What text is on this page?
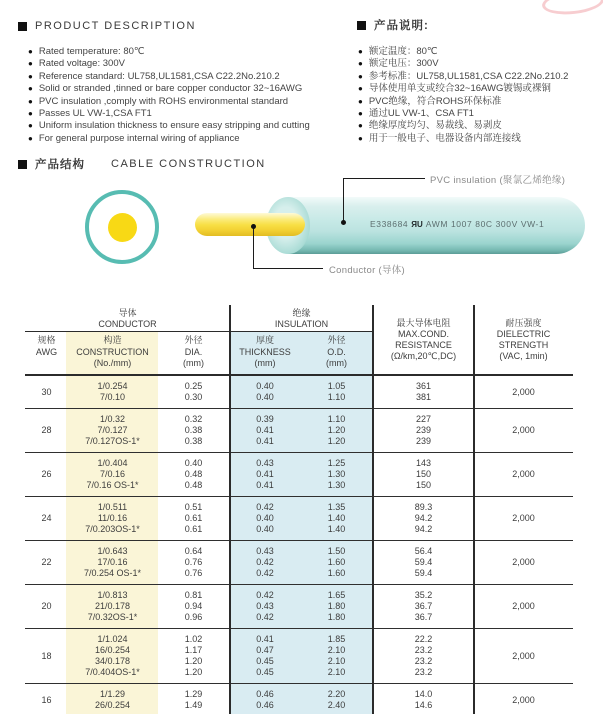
PRODUCT DESCRIPTION
● Rated temperature: 80℃
● Rated voltage: 300V
● Reference standard: UL758,UL1581,CSA C22.2No.210.2
● Solid or stranded ,tinned or bare copper conductor 32~16AWG
● PVC insulation ,comply with ROHS environmental standard
● Passes UL VW-1,CSA FT1
● Uniform insulation thickness to ensure easy stripping and cutting
● For general purpose internal wiring of appliance
产品说明:
● 额定温度：80℃
● 额定电压：300V
● 参考标准：UL758,UL1581,CSA C22.2No.210.2
● 导体使用单支或绞合32~16AWG镀锡或裸铜
● PVC绝缘，符合ROHS环保标准
● 通过UL VW-1、CSA FT1
● 绝缘厚度均匀、易裁线、易剥皮
● 用于一般电子、电器设备内部连接线
产品结构 CABLE CONSTRUCTION
E338684 ЯU AWM 1007 80C 300V VW-1
PVC insulation (聚氯乙烯绝缘)
Conductor (导体)
导体
CONDUCTOR
绝缘
INSULATION	最大导体电阻
MAX.COND.
RESISTANCE
(Ω/km,20℃,DC)
耐压强度
DIELECTRIC
STRENGTH
(VAC, 1min)
规格
AWG
构造
CONSTRUCTION
(No./mm)
外径
DIA.
(mm)
厚度
THICKNESS
(mm)
外径
O.D.
(mm)
30
1/0.254
7/0.10
0.25
0.30
0.40
0.40
1.05
1.10
361
381
2,000
28
1/0.32
7/0.127
7/0.127OS-1*
0.32
0.38
0.38
0.39
0.41
0.41
1.10
1.20
1.20
227
239
239
2,000
26
1/0.404
7/0.16
7/0.16 OS-1*
0.40
0.48
0.48
0.43
0.41
0.41
1.25
1.30
1.30
143
150
150
2,000
24
1/0.511
11/0.16
7/0.203OS-1*
0.51
0.61
0.61
0.42
0.40
0.40
1.35
1.40
1.40
89.3
94.2
94.2
2,000
22
1/0.643
17/0.16
7/0.254 OS-1*
0.64
0.76
0.76
0.43
0.42
0.42
1.50
1.60
1.60
56.4
59.4
59.4
2,000
20
1/0.813
21/0.178
7/0.32OS-1*
0.81
0.94
0.96
0.42
0.43
0.42
1.65
1.80
1.80
35.2
36.7
36.7
2,000
18
1/1.024
16/0.254
34/0.178
7/0.404OS-1*
1.02
1.17
1.20
1.20
0.41
0.47
0.45
0.45
1.85
2.10
2.10
2.10
22.2
23.2
23.2
23.2
2,000
16
1/1.29
26/0.254
1.29
1.49
0.46
0.46
2.20
2.40
14.0
14.6
2,000
